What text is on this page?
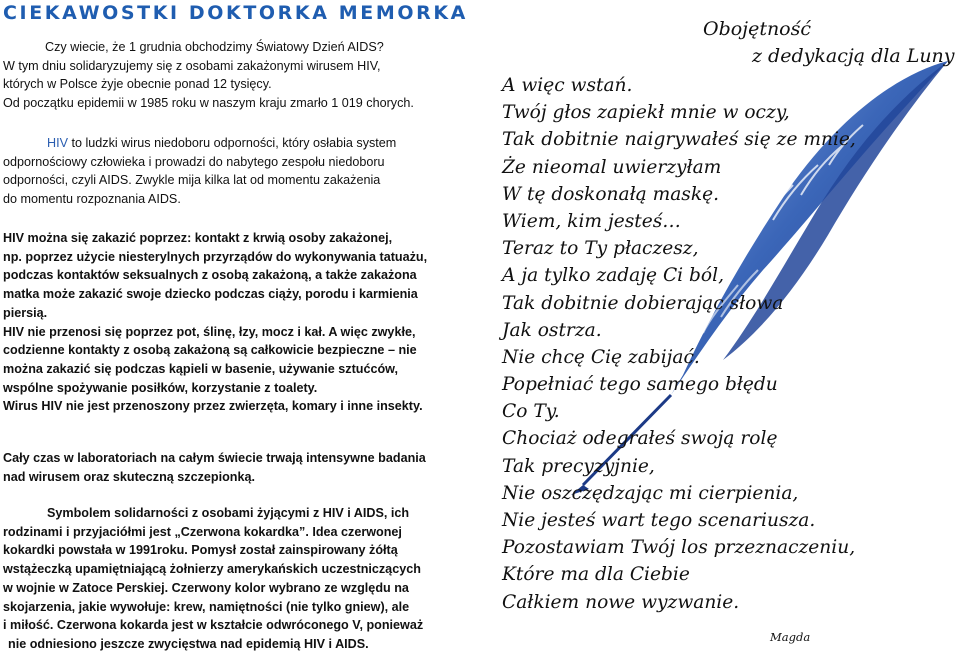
CIEKAWOSTKI DOKTORKA MEMORKA
Czy wiecie, że 1 grudnia obchodzimy Światowy Dzień AIDS?
W tym dniu solidaryzujemy się z osobami zakażonymi wirusem HIV,
których w Polsce żyje obecnie ponad 12 tysięcy.
Od początku epidemii w 1985 roku w naszym kraju zmarło 1 019 chorych.
HIV to ludzki wirus niedoboru odporności, który osłabia system
odpornościowy człowieka i prowadzi do nabytego zespołu niedoboru
odporności, czyli AIDS. Zwykle mija kilka lat od momentu zakażenia
do momentu rozpoznania AIDS.
HIV można się zakazić poprzez: kontakt z krwią osoby zakażonej,
np. poprzez użycie niesterylnych przyrządów do wykonywania tatuażu,
podczas kontaktów seksualnych z osobą zakażoną, a także zakażona
matka może zakazić swoje dziecko podczas ciąży, porodu i karmienia
piersią.
HIV nie przenosi się poprzez pot, ślinę, łzy, mocz i kał. A więc zwykłe,
codzienne kontakty z osobą zakażoną są całkowicie bezpieczne – nie
można zakazić się podczas kąpieli w basenie, używanie sztućców,
wspólne spożywanie posiłków, korzystanie z toalety.
Wirus HIV nie jest przenoszony przez zwierzęta, komary i inne insekty.
Cały czas w laboratoriach na całym świecie trwają intensywne badania
nad wirusem oraz skuteczną szczepionką.
Symbolem solidarności z osobami żyjącymi z HIV i AIDS, ich
rodzinami i przyjaciółmi jest „Czerwona kokardka”. Idea czerwonej
kokardki powstała w 1991roku. Pomysł został zainspirowany żółtą
wstążeczką upamiętniającą żołnierzy amerykańskich uczestniczących
w wojnie w Zatoce Perskiej. Czerwony kolor wybrano ze względu na
skojarzenia, jakie wywołuje: krew, namiętności (nie tylko gniew), ale
i miłość. Czerwona kokarda jest w kształcie odwróconego V, ponieważ
nie odniesiono jeszcze zwycięstwa nad epidemią HIV i AIDS.
Obojętność
z dedykacją dla Luny
A więc wstań.
Twój głos zapiekł mnie w oczy,
Tak dobitnie naigrywałeś się ze mnie,
Że nieomal uwierzyłam
W tę doskonałą maskę.
Wiem, kim jesteś…
Teraz to Ty płaczesz,
A ja tylko zadaję Ci ból,
Tak dobitnie dobierając słowa
Jak ostrza.
Nie chcę Cię zabijać.
Popełniać tego samego błędu
Co Ty.
Chociaż odegrałeś swoją rolę
Tak precyzyjnie,
Nie oszczędzając mi cierpienia,
Nie jesteś wart tego scenariusza.
Pozostawiam Twój los przeznaczeniu,
Które ma dla Ciebie
Całkiem nowe wyzwanie.
Magda
